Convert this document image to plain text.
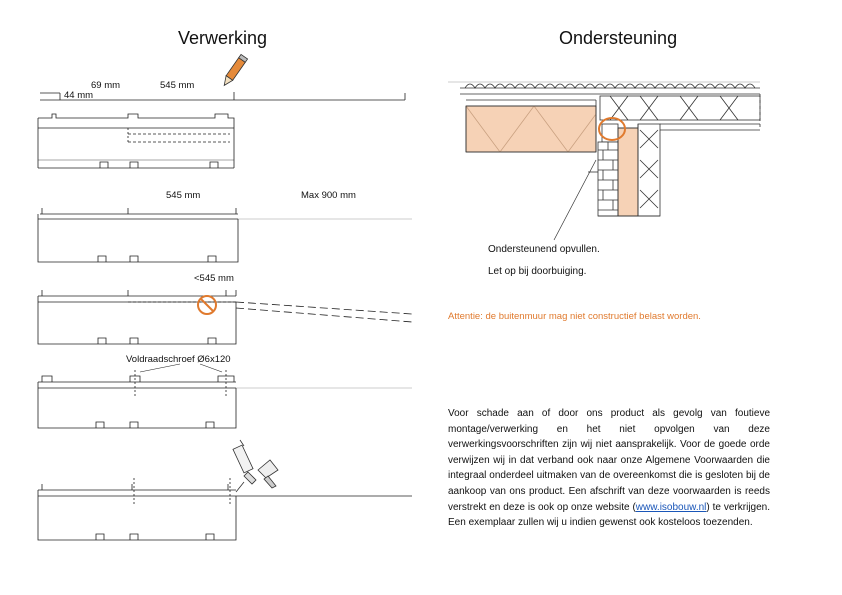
Verwerking	Ondersteuning
69 mm
44 mm
545 mm
545 mm	Max 900 mm
<545 mm
Voldraadschroef Ø6x120
Ondersteunend opvullen.
Let op bij doorbuiging.
Attentie: de buitenmuur mag niet constructief belast worden.
Voor schade aan of door ons product als gevolg van foutieve montage/verwerking en het niet opvolgen van deze verwerkingsvoorschriften zijn wij niet aansprakelijk. Voor de goede orde verwijzen wij in dat verband ook naar onze Algemene Voorwaarden die integraal onderdeel uitmaken van de overeenkomst die is gesloten bij de aankoop van ons product. Een afschrift van deze voorwaarden is reeds verstrekt en deze is ook op onze website (www.isobouw.nl) te verkrijgen. Een exemplaar zullen wij u indien gewenst ook kosteloos toezenden.
